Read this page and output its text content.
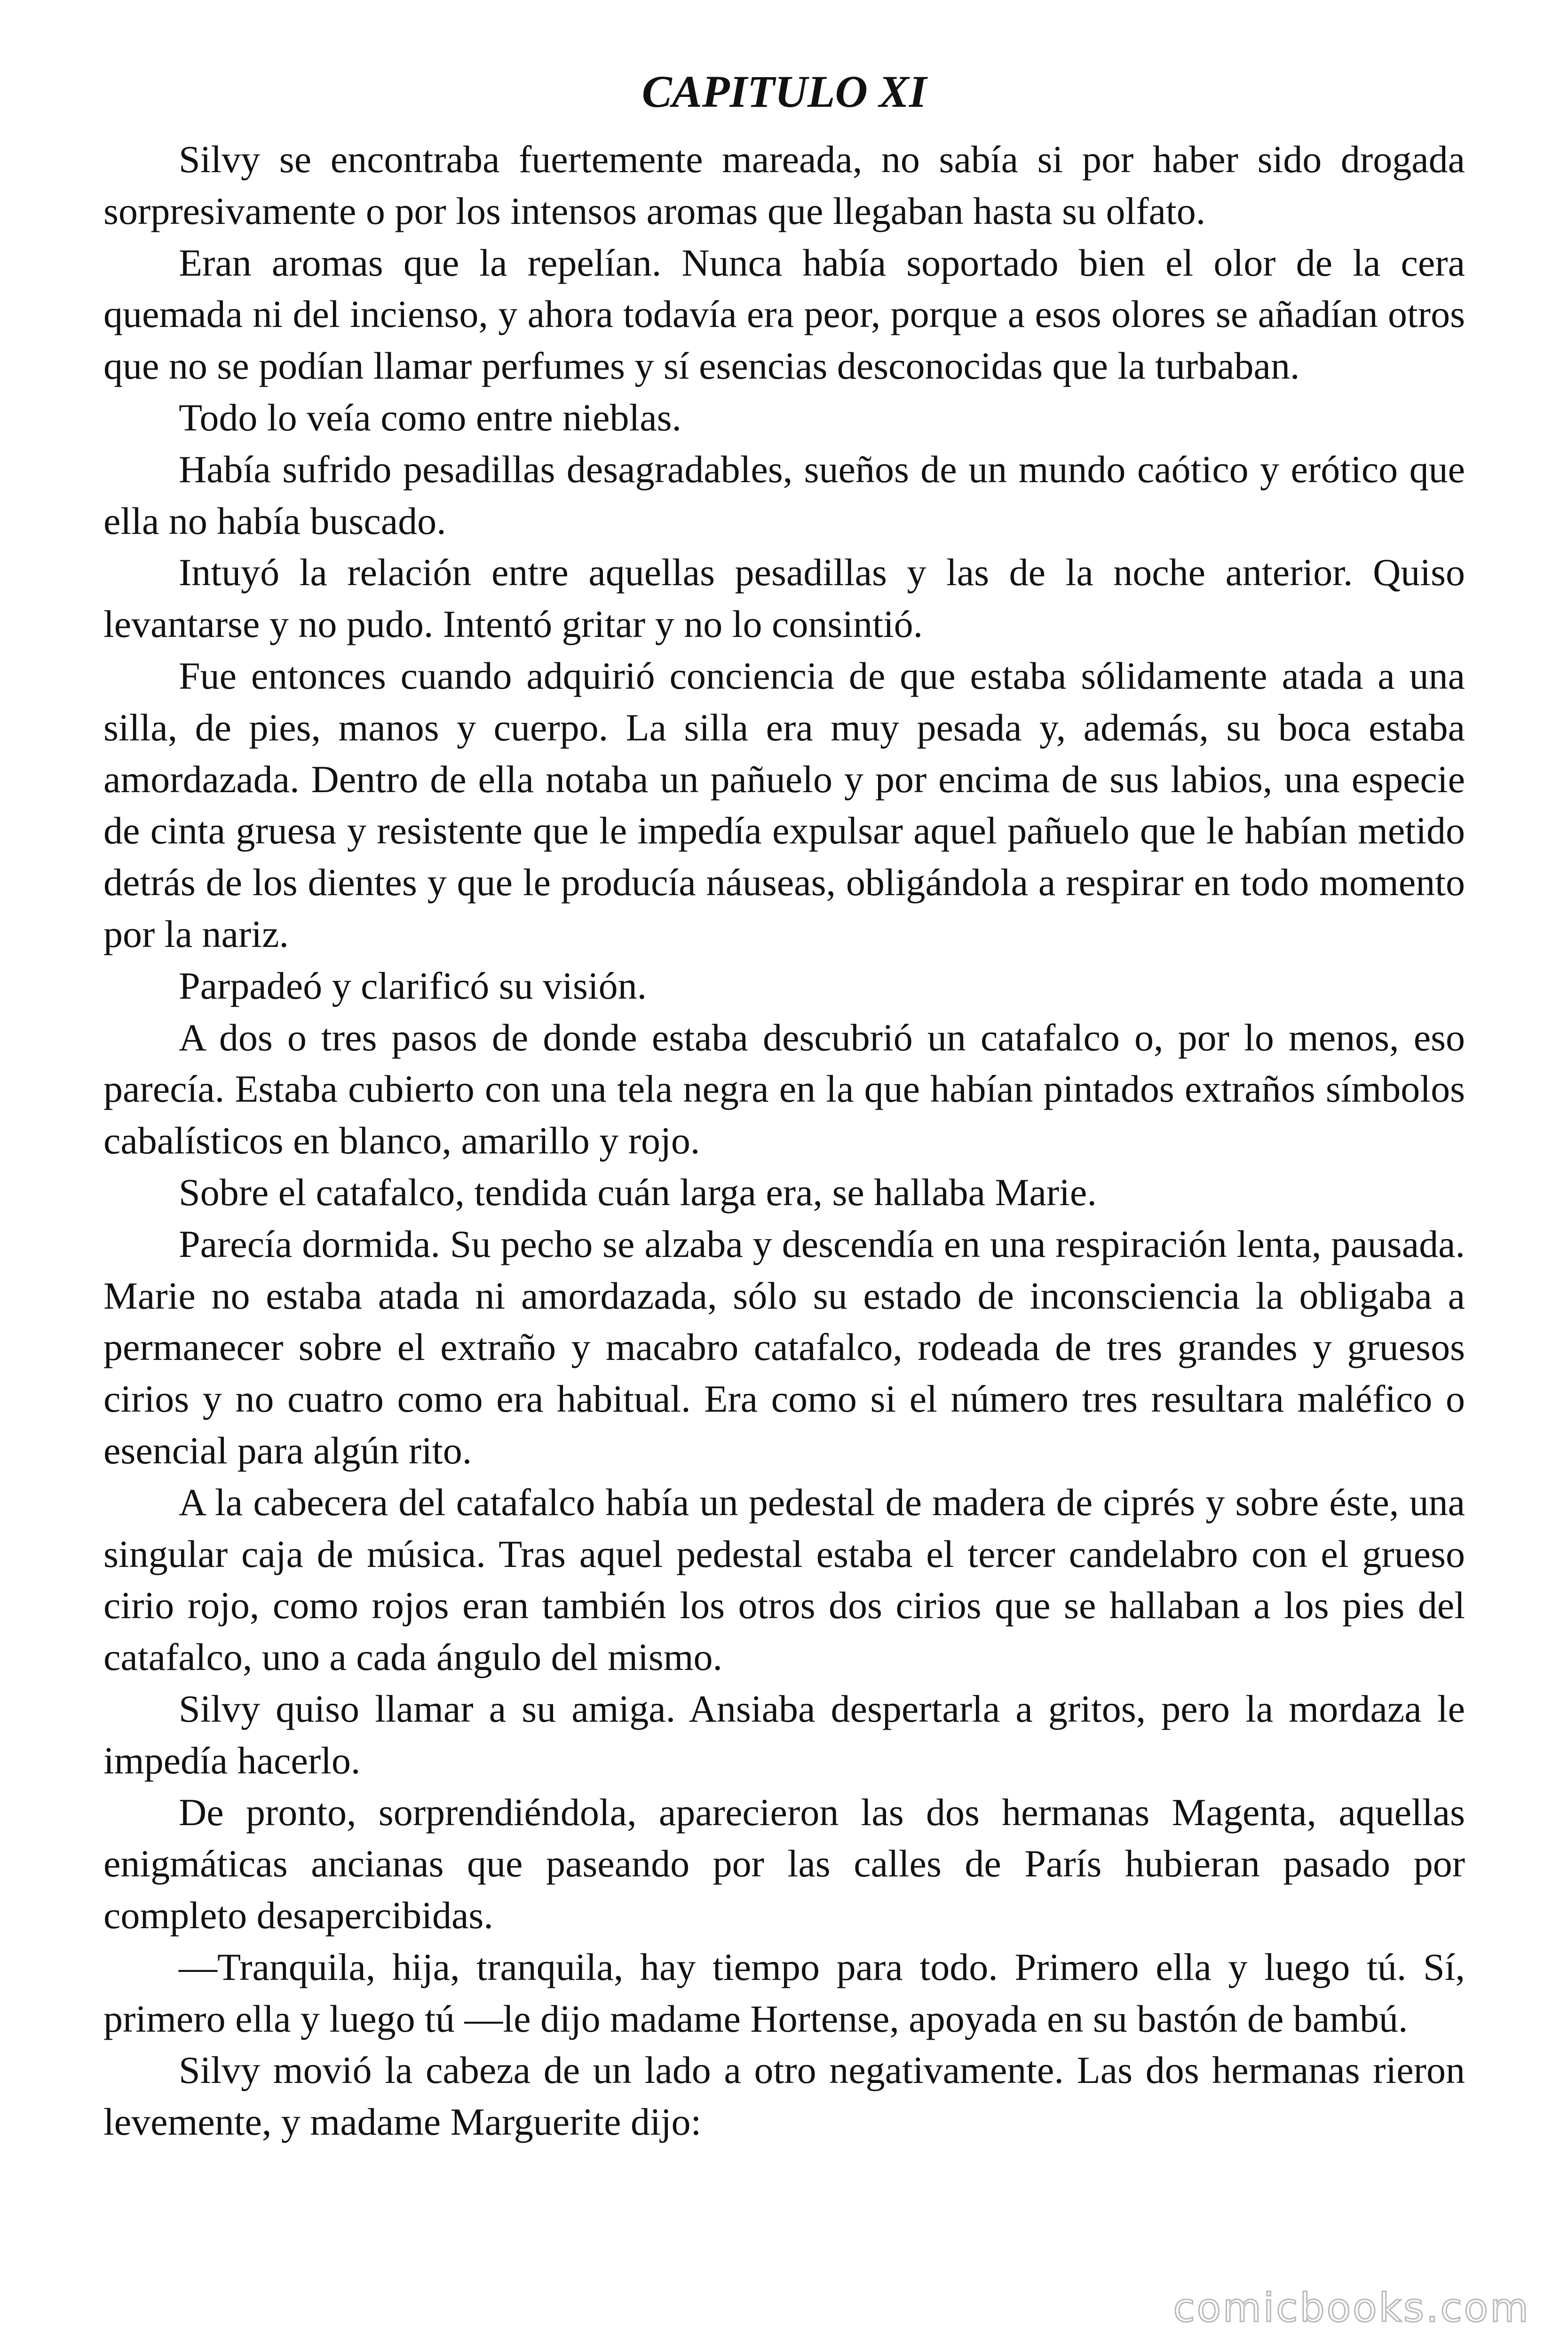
CAPITULO XI

Silvy se encontraba fuertemente mareada, no sabía si por haber sido drogada sorpresivamente o por los intensos aromas que llegaban hasta su olfato.

Eran aromas que la repelían. Nunca había soportado bien el olor de la cera quemada ni del incienso, y ahora todavía era peor, porque a esos olores se añadían otros que no se podían llamar perfumes y sí esencias desconocidas que la turbaban.

Todo lo veía como entre nieblas.

Había sufrido pesadillas desagradables, sueños de un mundo caótico y erótico que ella no había buscado.

Intuyó la relación entre aquellas pesadillas y las de la noche anterior. Quiso levantarse y no pudo. Intentó gritar y no lo consintió.

Fue entonces cuando adquirió conciencia de que estaba sólidamente atada a una silla, de pies, manos y cuerpo. La silla era muy pesada y, además, su boca estaba amordazada. Dentro de ella notaba un pañuelo y por encima de sus labios, una especie de cinta gruesa y resistente que le impedía expulsar aquel pañuelo que le habían metido detrás de los dientes y que le producía náuseas, obligándola a respirar en todo momento por la nariz.

Parpadeó y clarificó su visión.

A dos o tres pasos de donde estaba descubrió un catafalco o, por lo menos, eso parecía. Estaba cubierto con una tela negra en la que habían pintados extraños símbolos cabalísticos en blanco, amarillo y rojo.

Sobre el catafalco, tendida cuán larga era, se hallaba Marie.

Parecía dormida. Su pecho se alzaba y descendía en una respiración lenta, pausada. Marie no estaba atada ni amordazada, sólo su estado de inconsciencia la obligaba a permanecer sobre el extraño y macabro catafalco, rodeada de tres grandes y gruesos cirios y no cuatro como era habitual. Era como si el número tres resultara maléfico o esencial para algún rito.

A la cabecera del catafalco había un pedestal de madera de ciprés y sobre éste, una singular caja de música. Tras aquel pedestal estaba el tercer candelabro con el grueso cirio rojo, como rojos eran también los otros dos cirios que se hallaban a los pies del catafalco, uno a cada ángulo del mismo.

Silvy quiso llamar a su amiga. Ansiaba despertarla a gritos, pero la mordaza le impedía hacerlo.

De pronto, sorprendiéndola, aparecieron las dos hermanas Magenta, aquellas enigmáticas ancianas que paseando por las calles de París hubieran pasado por completo desapercibidas.

—Tranquila, hija, tranquila, hay tiempo para todo. Primero ella y luego tú. Sí, primero ella y luego tú —le dijo madame Hortense, apoyada en su bastón de bambú.

Silvy movió la cabeza de un lado a otro negativamente. Las dos hermanas rieron levemente, y madame Marguerite dijo:

comicbooks.com
